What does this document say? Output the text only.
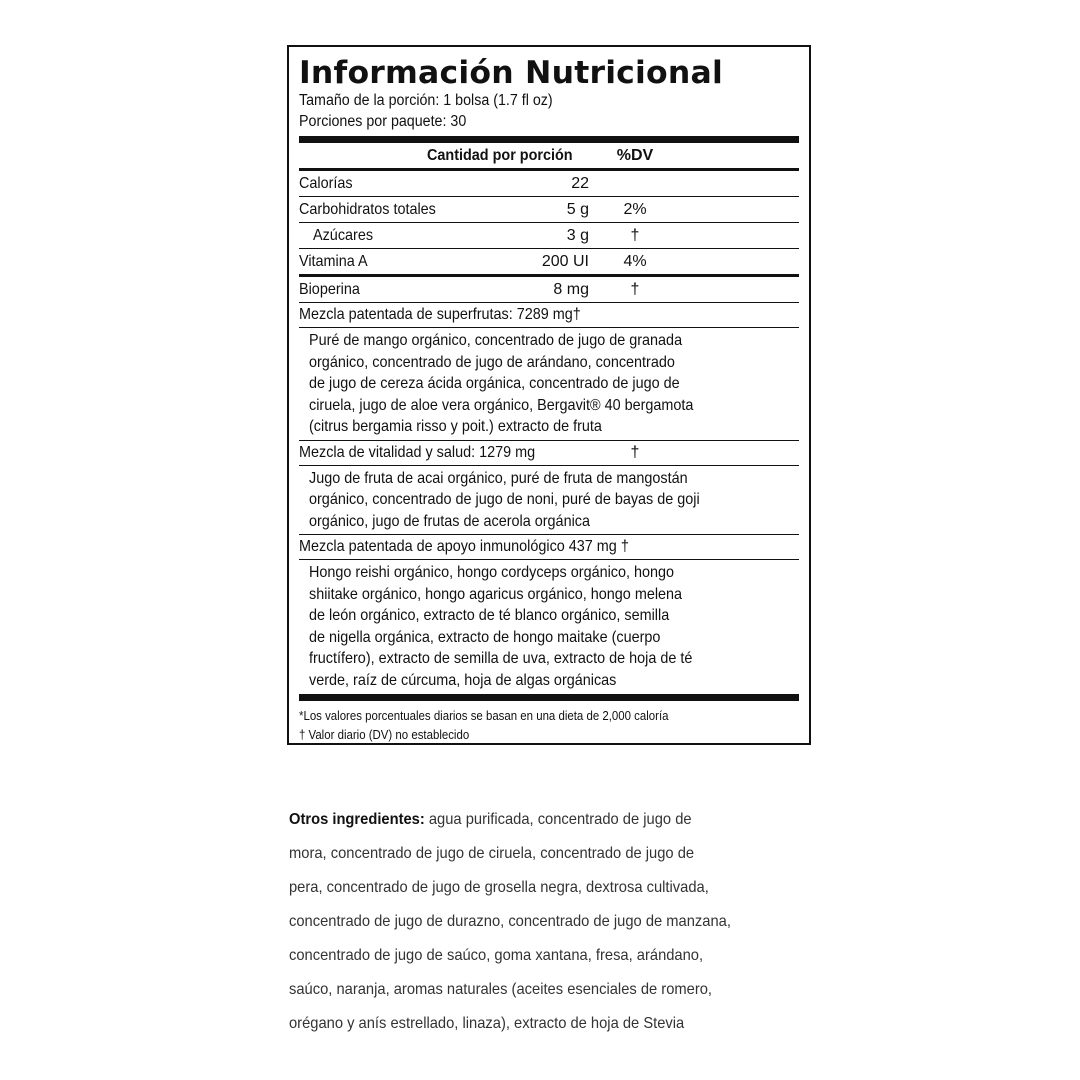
Información Nutricional
Tamaño de la porción: 1 bolsa (1.7 fl oz)
Porciones por paquete: 30
Cantidad por porción	%DV
Calorías	22
Carbohidratos totales	5 g	2%
Azúcares	3 g	†
Vitamina A	200 UI	4%
Bioperina	8 mg	†
Mezcla patentada de superfrutas: 7289 mg†
Puré de mango orgánico, concentrado de jugo de granada
orgánico, concentrado de jugo de arándano, concentrado
de jugo de cereza ácida orgánica, concentrado de jugo de
ciruela, jugo de aloe vera orgánico, Bergavit® 40 bergamota
(citrus bergamia risso y poit.) extracto de fruta
Mezcla de vitalidad y salud: 1279 mg	†
Jugo de fruta de acai orgánico, puré de fruta de mangostán
orgánico, concentrado de jugo de noni, puré de bayas de goji
orgánico, jugo de frutas de acerola orgánica
Mezcla patentada de apoyo inmunológico 437 mg †
Hongo reishi orgánico, hongo cordyceps orgánico, hongo
shiitake orgánico, hongo agaricus orgánico, hongo melena
de león orgánico, extracto de té blanco orgánico, semilla
de nigella orgánica, extracto de hongo maitake (cuerpo
fructífero), extracto de semilla de uva, extracto de hoja de té
verde, raíz de cúrcuma, hoja de algas orgánicas
*Los valores porcentuales diarios se basan en una dieta de 2,000 caloría
† Valor diario (DV) no establecido
Otros ingredientes: agua purificada, concentrado de jugo de
mora, concentrado de jugo de ciruela, concentrado de jugo de
pera, concentrado de jugo de grosella negra, dextrosa cultivada,
concentrado de jugo de durazno, concentrado de jugo de manzana,
concentrado de jugo de saúco, goma xantana, fresa, arándano,
saúco, naranja, aromas naturales (aceites esenciales de romero,
orégano y anís estrellado, linaza), extracto de hoja de Stevia
